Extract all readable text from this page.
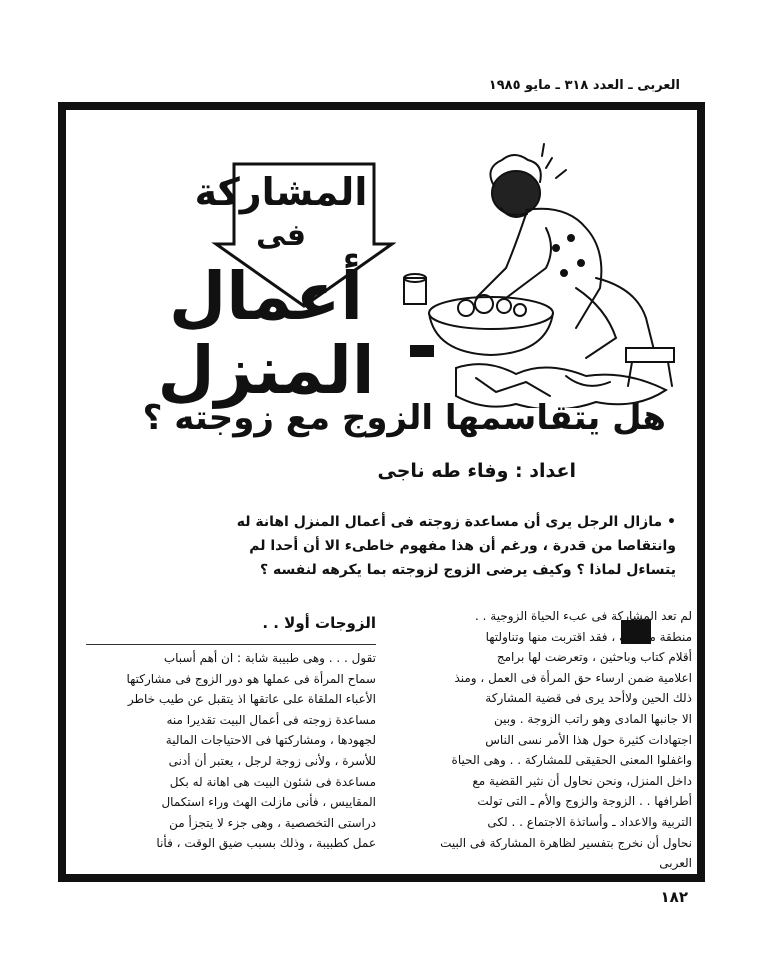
العربى ـ العدد ٣١٨ ـ مايو ١٩٨٥
المشاركة
فى
أعمال
المنزل
هل يتقاسمها الزوج مع زوجته ؟
اعداد : وفاء طه ناجى

• مازال الرجل يرى أن مساعدة زوجته فى أعمال المنزل اهانة له

وانتقاصا من قدرة ، ورغم أن هذا مفهوم خاطىء الا أن أحدا لم

يتساءل لماذا ؟ وكيف يرضى الزوج لزوجته بما يكرهه لنفسه ؟

لم تعد المشاركة فى عبء الحياة الزوجية . .

منطقة ممنوعة ، فقد اقتربت منها وتناولتها

أقلام كتاب وباحثين ، وتعرضت لها برامج

اعلامية ضمن ارساء حق المرأة فى العمل ، ومنذ

ذلك الحين ولاأحد يرى فى قضية المشاركة

الا جانبها المادى وهو راتب الزوجة . وبين

اجتهادات كثيرة حول هذا الأمر نسى الناس

واغفلوا المعنى الحقيقى للمشاركة . . وهى الحياة

داخل المنزل، ونحن نحاول أن نثير القضية مع

أطرافها . . الزوجة والزوج والأم ـ التى تولت

التربية والاعداد ـ وأساتذة الاجتماع . . لكى

نحاول أن نخرج بتفسير لظاهرة المشاركة فى البيت

العربى

الزوجات أولا . .

تقول . . . وهى طبيبة شابة : ان أهم أسباب

سماح المرأة فى عملها هو دور الزوج فى مشاركتها

الأعباء الملقاة على عاتقها اذ يتقبل عن طيب خاطر

مساعدة زوجته فى أعمال البيت تقديرا منه

لجهودها ، ومشاركتها فى الاحتياجات المالية

للأسرة ، ولأنى زوجة لرجل ، يعتبر أن أدنى

مساعدة فى شئون البيت هى اهانة له بكل

المقاييس ، فأنى مازلت الهث وراء استكمال

دراستى التخصصية ، وهى جزء لا يتجزأ من

عمل كطبيبة ، وذلك بسبب ضيق الوقت ، فأنا

١٨٢
